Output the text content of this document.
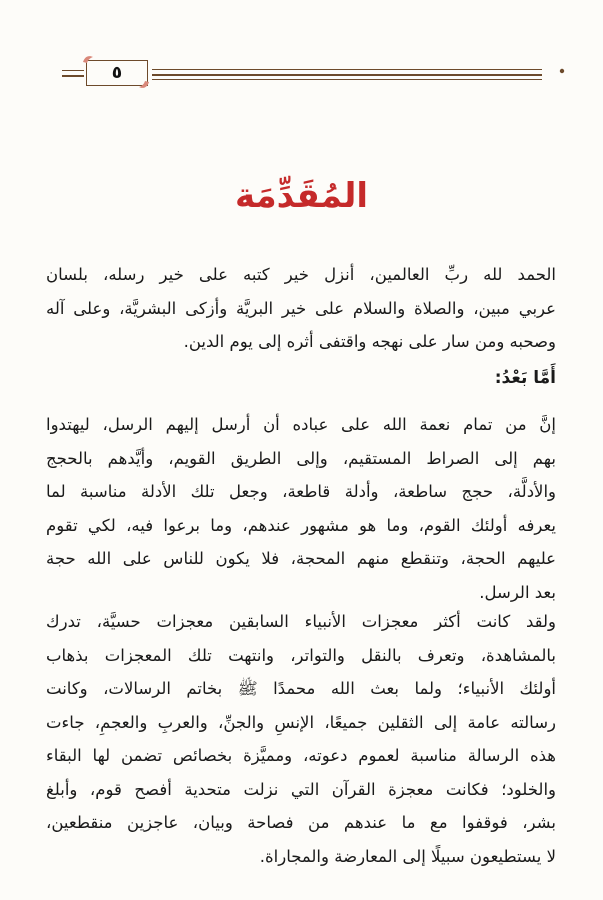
٥
المُقَدِّمَة
الحمد لله ربِّ العالمين، أنزل خير كتبه على خير رسله، بلسان
عربي مبين، والصلاة والسلام على خير البريَّة وأزكى البشريَّة، وعلى آله
وصحبه ومن سار على نهجه واقتفى أثره إلى يوم الدين.
أَمَّا بَعْدُ:
إنَّ من تمام نعمة الله على عباده أن أرسل إليهم الرسل، ليهتدوا
بهم إلى الصراط المستقيم، وإلى الطريق القويم، وأيَّدهم بالحجج
والأدلَّة، حجج ساطعة، وأدلة قاطعة، وجعل تلك الأدلة مناسبة لما
يعرفه أولئك القوم، وما هو مشهور عندهم، وما برعوا فيه، لكي تقوم
عليهم الحجة، وتنقطع منهم المحجة، فلا يكون للناس على الله حجة
بعد الرسل.
ولقد كانت أكثر معجزات الأنبياء السابقين معجزات حسيَّة، تدرك
بالمشاهدة، وتعرف بالنقل والتواتر، وانتهت تلك المعجزات بذهاب
أولئك الأنبياء؛ ولما بعث الله محمدًا ﷺ بخاتم الرسالات، وكانت
رسالته عامة إلى الثقلين جميعًا، الإنسِ والجنِّ، والعربِ والعجمِ، جاءت
هذه الرسالة مناسبة لعموم دعوته، ومميَّزة بخصائص تضمن لها البقاء
والخلود؛ فكانت معجزة القرآن التي نزلت متحدية أفصح قوم، وأبلغ
بشر، فوقفوا مع ما عندهم من فصاحة وبيان، عاجزين منقطعين،
لا يستطيعون سبيلًا إلى المعارضة والمجاراة.
